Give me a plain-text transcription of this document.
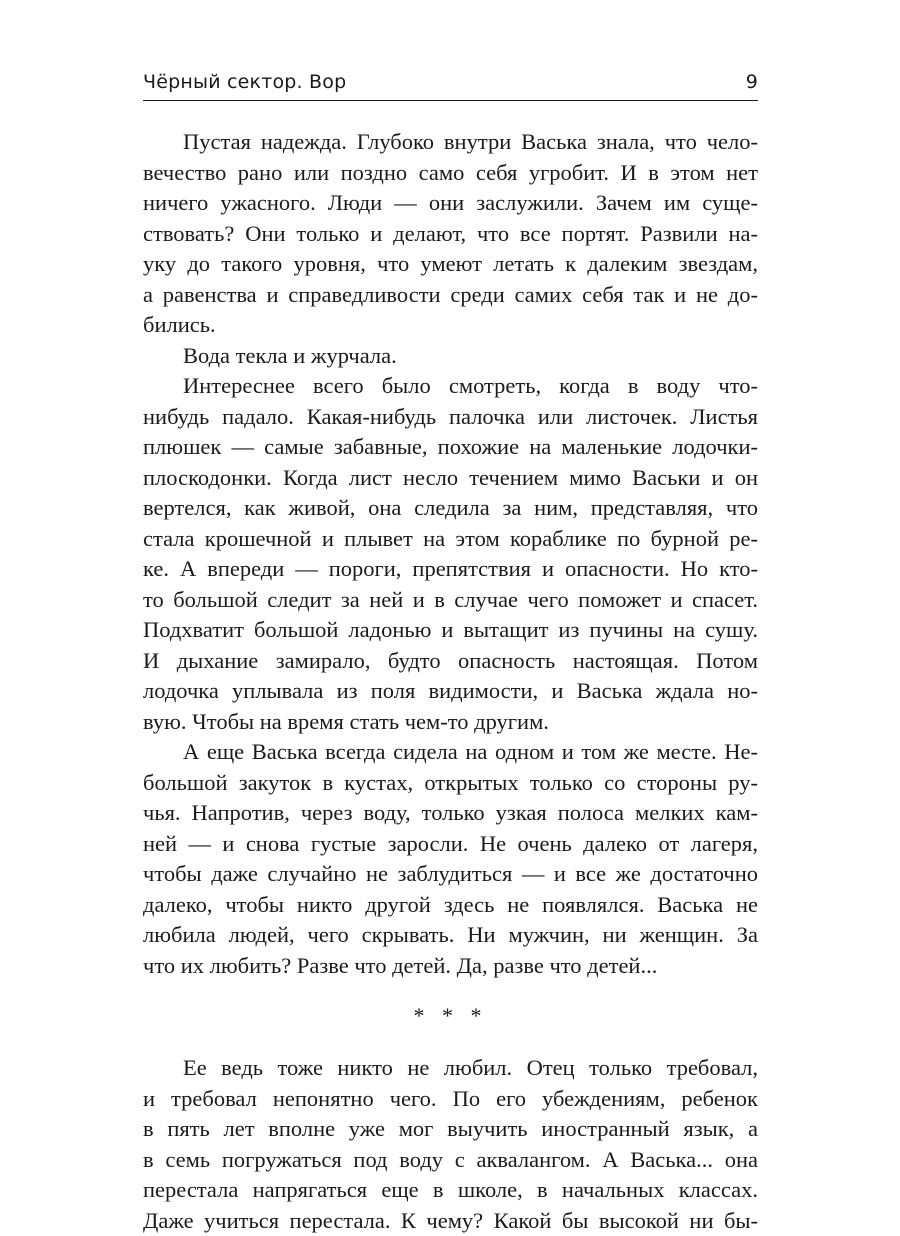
Чёрный сектор. Вор	9

Пустая надежда. Глубоко внутри Васька знала, что чело-
вечество рано или поздно само себя угробит. И в этом нет
ничего ужасного. Люди — они заслужили. Зачем им суще-
ствовать? Они только и делают, что все портят. Развили на-
уку до такого уровня, что умеют летать к далеким звездам,
а равенства и справедливости среди самих себя так и не до-
бились.

Вода текла и журчала.

Интереснее всего было смотреть, когда в воду что-
нибудь падало. Какая-нибудь палочка или листочек. Листья
плюшек — самые забавные, похожие на маленькие лодочки-
плоскодонки. Когда лист несло течением мимо Васьки и он
вертелся, как живой, она следила за ним, представляя, что
стала крошечной и плывет на этом кораблике по бурной ре-
ке. А впереди — пороги, препятствия и опасности. Но кто-
то большой следит за ней и в случае чего поможет и спасет.
Подхватит большой ладонью и вытащит из пучины на сушу.
И дыхание замирало, будто опасность настоящая. Потом
лодочка уплывала из поля видимости, и Васька ждала но-
вую. Чтобы на время стать чем-то другим.

А еще Васька всегда сидела на одном и том же месте. Не-
большой закуток в кустах, открытых только со стороны ру-
чья. Напротив, через воду, только узкая полоса мелких кам-
ней — и снова густые заросли. Не очень далеко от лагеря,
чтобы даже случайно не заблудиться — и все же достаточно
далеко, чтобы никто другой здесь не появлялся. Васька не
любила людей, чего скрывать. Ни мужчин, ни женщин. За
что их любить? Разве что детей. Да, разве что детей...

* * *

Ее ведь тоже никто не любил. Отец только требовал,
и требовал непонятно чего. По его убеждениям, ребенок
в пять лет вполне уже мог выучить иностранный язык, а
в семь погружаться под воду с аквалангом. А Васька... она
перестала напрягаться еще в школе, в начальных классах.
Даже учиться перестала. К чему? Какой бы высокой ни бы-
